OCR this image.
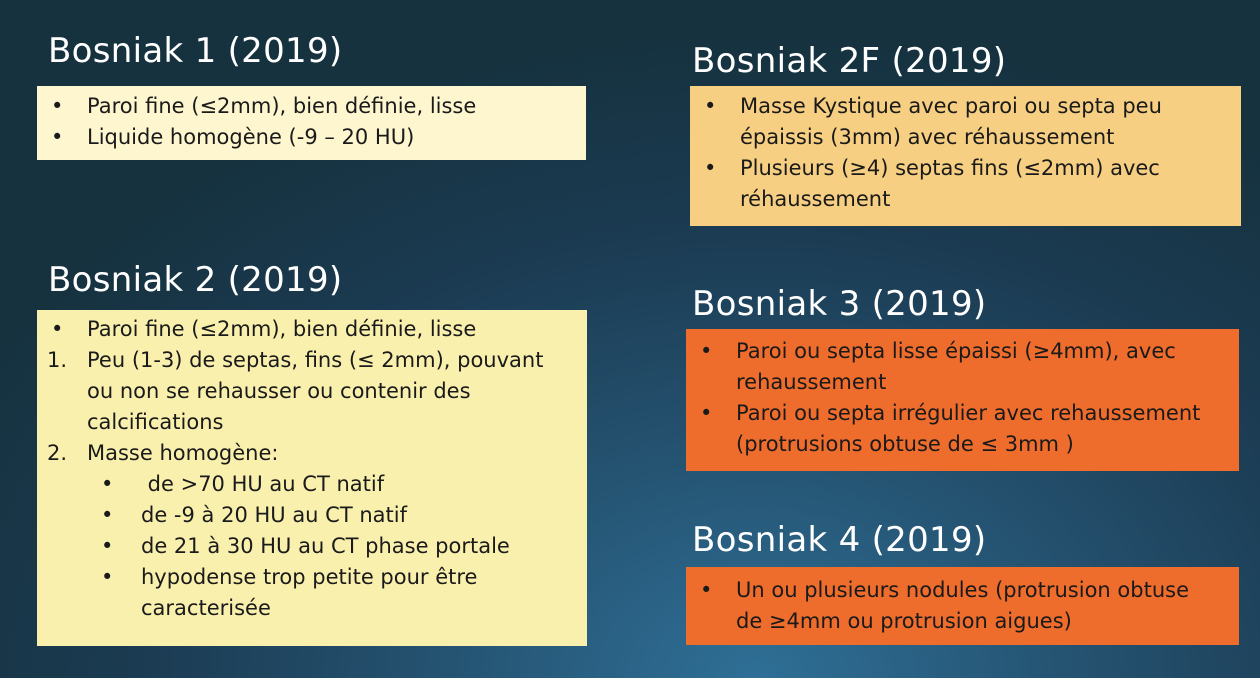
Bosniak 1 (2019)
• Paroi fine (≤2mm), bien définie, lisse
• Liquide homogène (-9 – 20 HU)
Bosniak 2 (2019)
• Paroi fine (≤2mm), bien définie, lisse
1. Peu (1-3) de septas, fins (≤ 2mm), pouvant
ou non se rehausser ou contenir des
calcifications
2. Masse homogène:
• de >70 HU au CT natif
• de -9 à 20 HU au CT natif
• de 21 à 30 HU au CT phase portale
• hypodense trop petite pour être
caracterisée
Bosniak 2F (2019)
• Masse Kystique avec paroi ou septa peu
épaissis (3mm) avec réhaussement
• Plusieurs (≥4) septas fins (≤2mm) avec
réhaussement
Bosniak 3 (2019)
• Paroi ou septa lisse épaissi (≥4mm), avec
rehaussement
• Paroi ou septa irrégulier avec rehaussement
(protrusions obtuse de ≤ 3mm )
Bosniak 4 (2019)
• Un ou plusieurs nodules (protrusion obtuse
de ≥4mm ou protrusion aigues)
